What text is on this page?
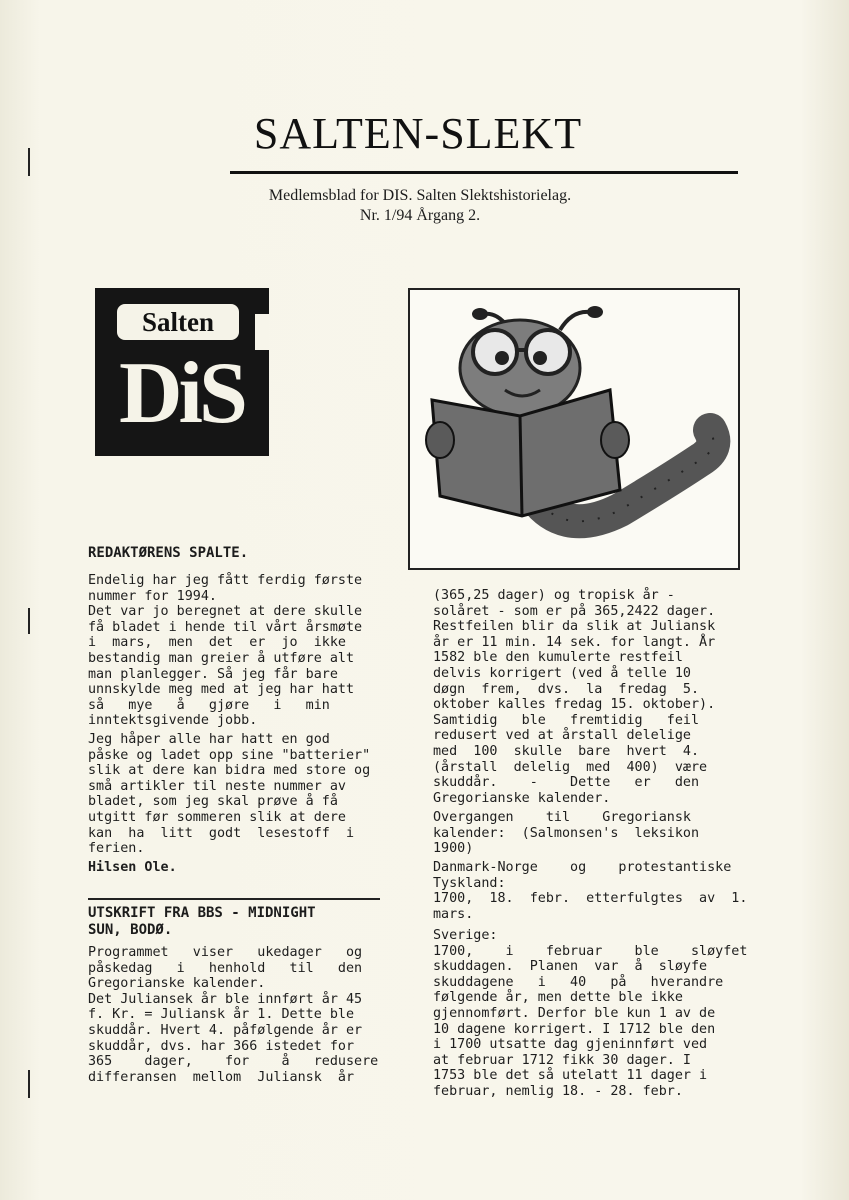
SALTEN-SLEKT
Medlemsblad for DIS. Salten Slektshistorielag.
Nr. 1/94 Årgang 2.
Salten
DiS
REDAKTØRENS SPALTE.
Endelig har jeg fått ferdig første
nummer for 1994.
Det var jo beregnet at dere skulle
få bladet i hende til vårt årsmøte
i  mars,  men  det  er  jo  ikke
bestandig man greier å utføre alt
man planlegger. Så jeg får bare
unnskylde meg med at jeg har hatt
så   mye   å   gjøre   i   min
inntektsgivende jobb.
Jeg håper alle har hatt en god
påske og ladet opp sine "batterier"
slik at dere kan bidra med store og
små artikler til neste nummer av
bladet, som jeg skal prøve å få
utgitt før sommeren slik at dere
kan  ha  litt  godt  lesestoff  i
ferien.
Hilsen Ole.
UTSKRIFT FRA BBS - MIDNIGHT
SUN, BODØ.
Programmet   viser   ukedager   og
påskedag   i   henhold   til   den
Gregorianske kalender.
Det Juliansek år ble innført år 45
f. Kr. = Juliansk år 1. Dette ble
skuddår. Hvert 4. påfølgende år er
skuddår, dvs. har 366 istedet for
365    dager,    for    å   redusere
differansen  mellom  Juliansk  år
(365,25 dager) og tropisk år -
solåret - som er på 365,2422 dager.
Restfeilen blir da slik at Juliansk
år er 11 min. 14 sek. for langt. År
1582 ble den kumulerte restfeil
delvis korrigert (ved å telle 10
døgn  frem,  dvs.  la  fredag  5.
oktober kalles fredag 15. oktober).
Samtidig   ble   fremtidig   feil
redusert ved at årstall delelige
med  100  skulle  bare  hvert  4.
(årstall  delelig  med  400)  være
skuddår.    -    Dette   er   den
Gregorianske kalender.
Overgangen    til    Gregoriansk
kalender:  (Salmonsen's  leksikon
1900)
Danmark-Norge    og    protestantiske
Tyskland:
1700,  18.  febr.  etterfulgtes  av  1.
mars.
Sverige:
1700,    i    februar    ble    sløyfet
skuddagen.  Planen  var  å  sløyfe
skuddagene   i   40   på   hverandre
følgende år, men dette ble ikke
gjennomført. Derfor ble kun 1 av de
10 dagene korrigert. I 1712 ble den
i 1700 utsatte dag gjeninnført ved
at februar 1712 fikk 30 dager. I
1753 ble det så utelatt 11 dager i
februar, nemlig 18. - 28. febr.
